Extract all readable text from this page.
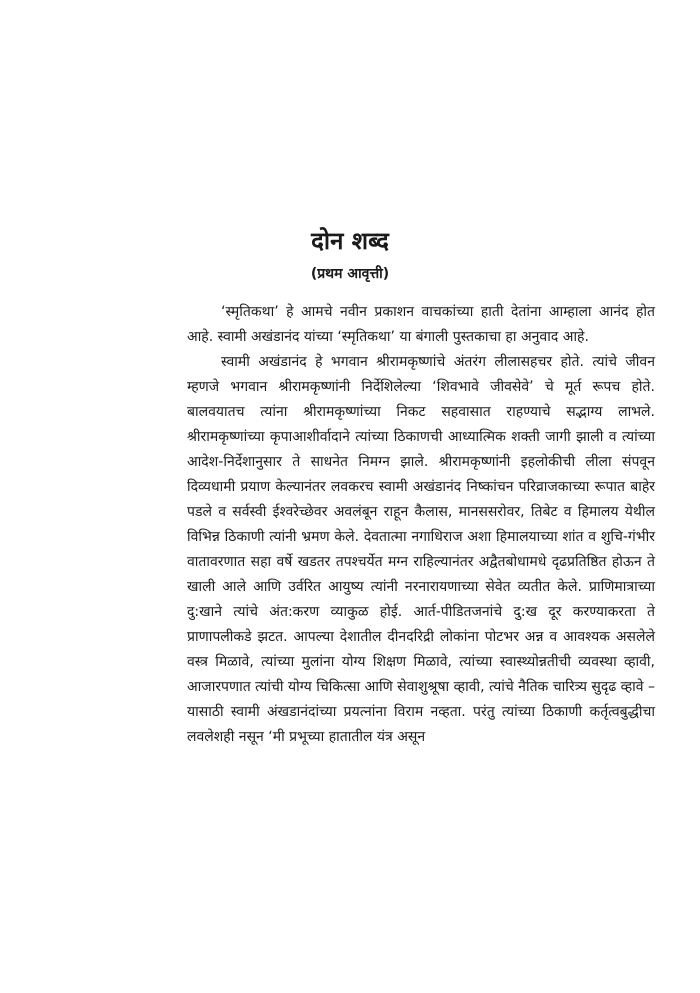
दोन शब्द
(प्रथम आवृत्ती)

‘स्मृतिकथा’ हे आमचे नवीन प्रकाशन वाचकांच्या हाती देतांना आम्हाला आनंद होत आहे. स्वामी अखंडानंद यांच्या ‘स्मृतिकथा’ या बंगाली पुस्तकाचा हा अनुवाद आहे.

स्वामी अखंडानंद हे भगवान श्रीरामकृष्णांचे अंतरंग लीलासहचर होते. त्यांचे जीवन म्हणजे भगवान श्रीरामकृष्णांनी निर्देशिलेल्या ‘शिवभावे जीवसेवे’ चे मूर्त रूपच होते. बालवयातच त्यांना श्रीरामकृष्णांच्या निकट सहवासात राहण्याचे सद्भाग्य लाभले. श्रीरामकृष्णांच्या कृपाआशीर्वादाने त्यांच्या ठिकाणची आध्यात्मिक शक्ती जागी झाली व त्यांच्या आदेश-निर्देशानुसार ते साधनेत निमग्न झाले. श्रीरामकृष्णांनी इहलोकीची लीला संपवून दिव्यधामी प्रयाण केल्यानंतर लवकरच स्वामी अखंडानंद निष्कांचन परिव्राजकाच्या रूपात बाहेर पडले व सर्वस्वी ईश्वरेच्छेवर अवलंबून राहून कैलास, मानससरोवर, तिबेट व हिमालय येथील विभिन्न ठिकाणी त्यांनी भ्रमण केले. देवतात्मा नगाधिराज अशा हिमालयाच्या शांत व शुचि-गंभीर वातावरणात सहा वर्षे खडतर तपश्चर्येत मग्न राहिल्यानंतर अद्वैतबोधामधे दृढप्रतिष्ठित होऊन ते खाली आले आणि उर्वरित आयुष्य त्यांनी नरनारायणाच्या सेवेत व्यतीत केले. प्राणिमात्राच्या दु:खाने त्यांचे अंत:करण व्याकुळ होई. आर्त-पीडितजनांचे दु:ख दूर करण्याकरता ते प्राणापलीकडे झटत. आपल्या देशातील दीनदरिद्री लोकांना पोटभर अन्न व आवश्यक असलेले वस्त्र मिळावे, त्यांच्या मुलांना योग्य शिक्षण मिळावे, त्यांच्या स्वास्थ्योन्नतीची व्यवस्था व्हावी, आजारपणात त्यांची योग्य चिकित्सा आणि सेवाशुश्रूषा व्हावी, त्यांचे नैतिक चारित्र्य सुदृढ व्हावे – यासाठी स्वामी अंखडानंदांच्या प्रयत्नांना विराम नव्हता. परंतु त्यांच्या ठिकाणी कर्तृत्वबुद्धीचा लवलेशही नसून ‘मी प्रभूच्या हातातील यंत्र असून
